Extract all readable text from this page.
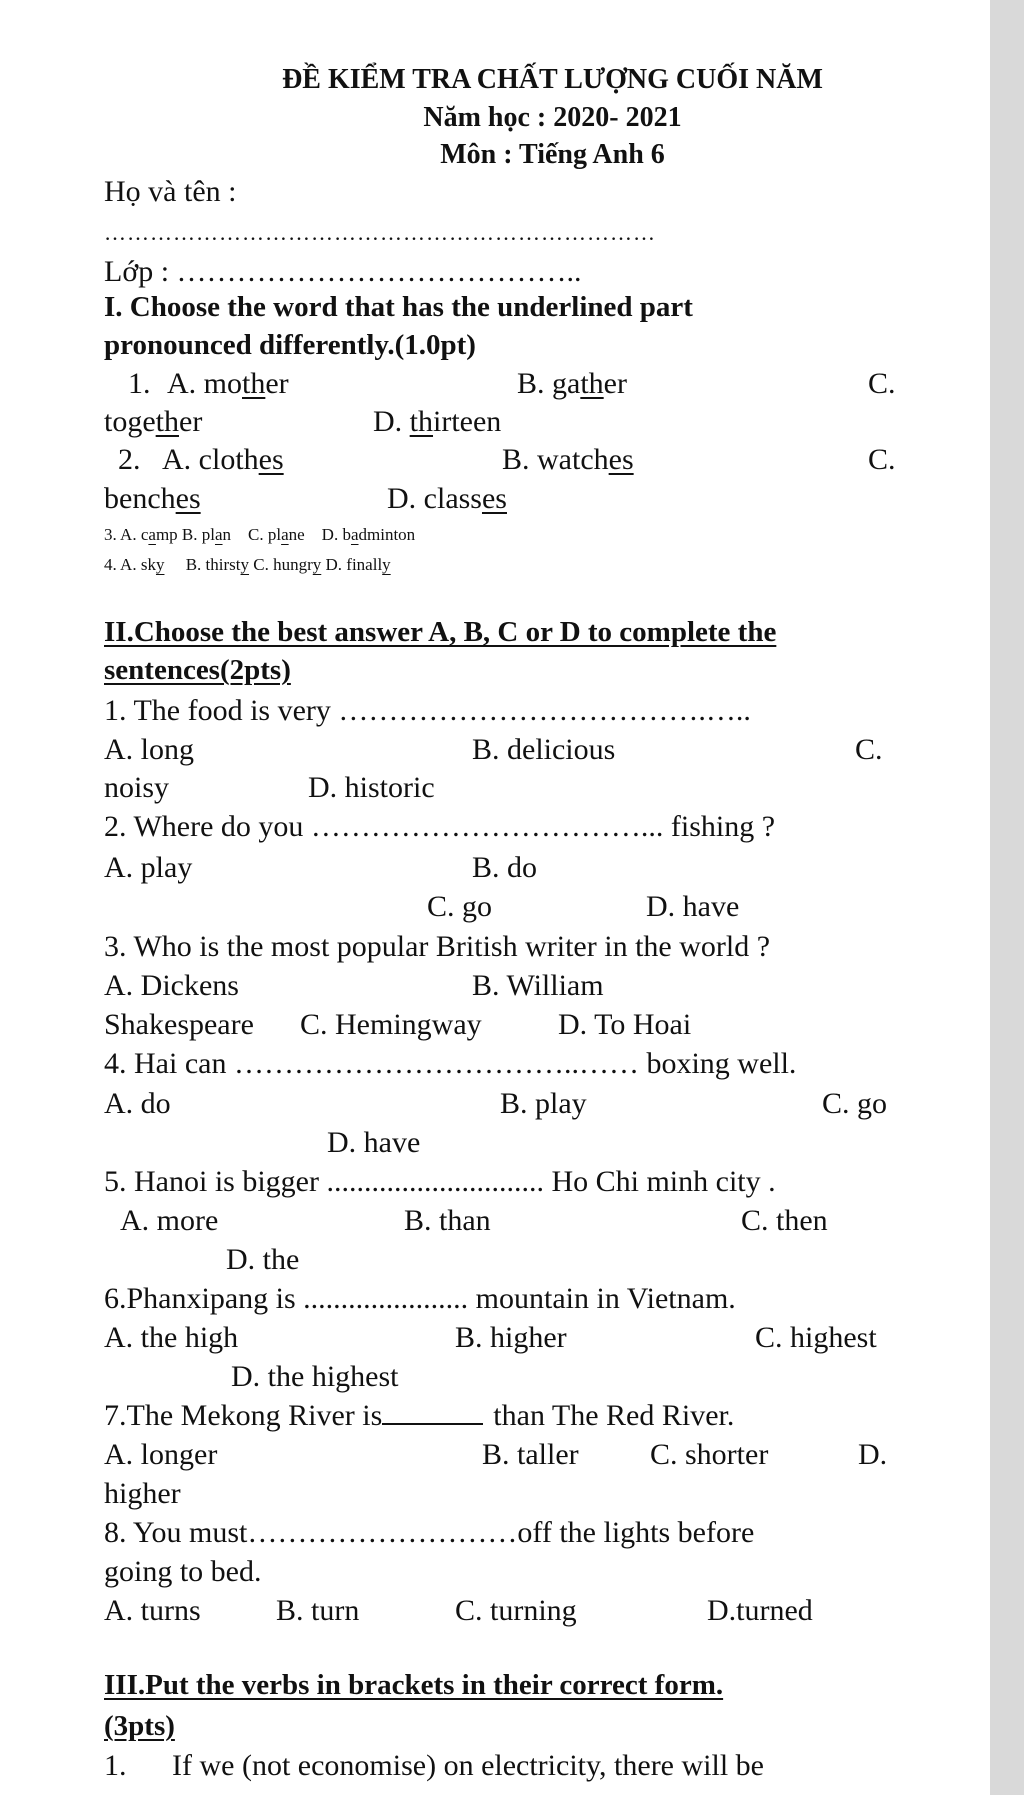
ĐỀ KIỂM TRA CHẤT LƯỢNG CUỐI NĂM
Năm học : 2020- 2021
Môn : Tiếng Anh 6
Họ và tên :
………………………………………………………………
Lớp : …………………………………..
I. Choose the word that has the underlined part
pronounced differently.(1.0pt)
1. A. mother	B. gather	C.
together	D. thirteen
2. A. clothes	B. watches	C.
benches	D. classes
3. A. camp B. plan    C. plane    D. badminton
4. A. sky     B. thirsty C. hungry D. finally
II.Choose the best answer A, B, C or D to complete the
sentences(2pts)
1. The food is very ……………………………….…..
A. long	B. delicious	C.
noisy	D. historic
2. Where do you ……………………………... fishing ?
A. play	B. do
C. go	D. have
3. Who is the most popular British writer in the world ?
A. Dickens	B. William
Shakespeare C. Hemingway	D. To Hoai
4. Hai can ……………………………..…… boxing well.
A. do	B. play	C. go
D. have
5. Hanoi is bigger ............................. Ho Chi minh city .
A. more	B. than	C. then
D. the
6.Phanxipang is ...................... mountain in Vietnam.
A. the high	B. higher	C. highest
D. the highest
7.The Mekong River is	than The Red River.
A. longer	B. taller C. shorter	D.
higher
8. You must………………………off the lights before
going to bed.
A. turns	B. turn	C. turning	D.turned
III.Put the verbs in brackets in their correct form.
(3pts)
1. If we (not economise) on electricity, there will be
